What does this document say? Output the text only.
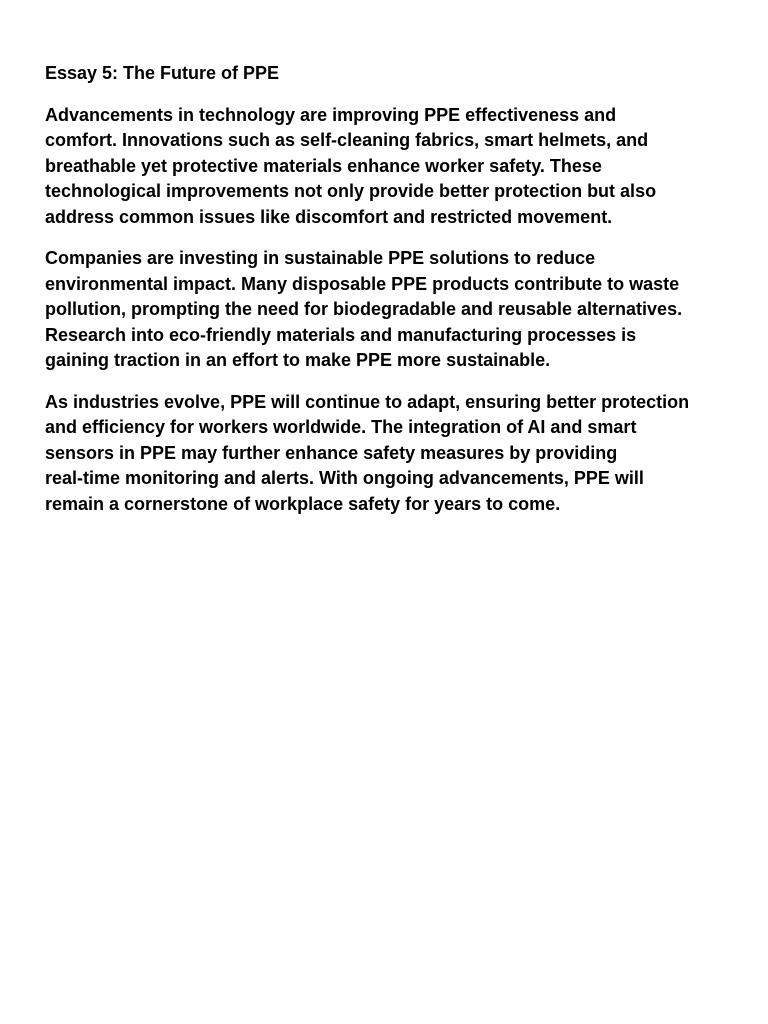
Essay 5: The Future of PPE

Advancements in technology are improving PPE effectiveness and
comfort. Innovations such as self-cleaning fabrics, smart helmets, and
breathable yet protective materials enhance worker safety. These
technological improvements not only provide better protection but also
address common issues like discomfort and restricted movement.

Companies are investing in sustainable PPE solutions to reduce
environmental impact. Many disposable PPE products contribute to waste
pollution, prompting the need for biodegradable and reusable alternatives.
Research into eco-friendly materials and manufacturing processes is
gaining traction in an effort to make PPE more sustainable.

As industries evolve, PPE will continue to adapt, ensuring better protection
and efficiency for workers worldwide. The integration of AI and smart
sensors in PPE may further enhance safety measures by providing
real-time monitoring and alerts. With ongoing advancements, PPE will
remain a cornerstone of workplace safety for years to come.
